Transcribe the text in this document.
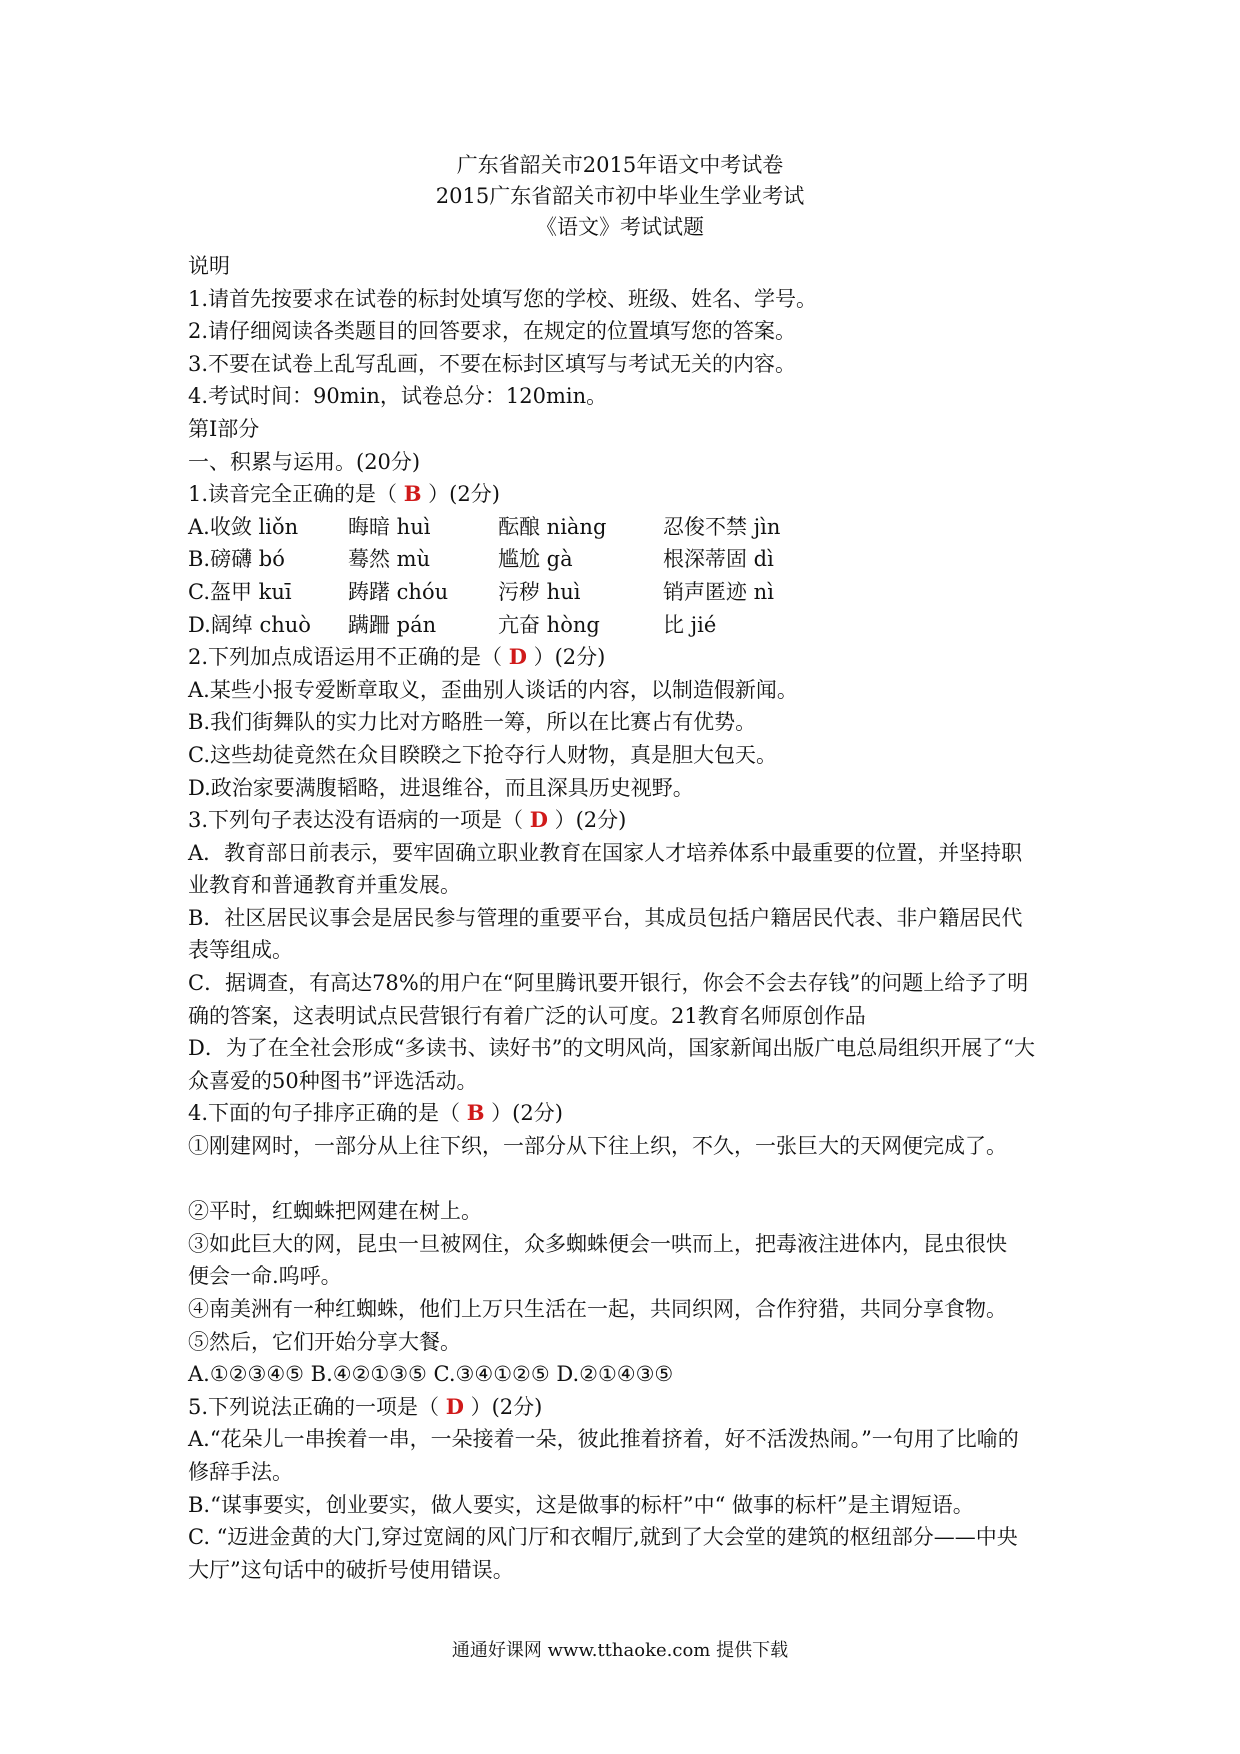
广东省韶关市2015年语文中考试卷
2015广东省韶关市初中毕业生学业考试
《语文》考试试题
说明
1.请首先按要求在试卷的标封处填写您的学校、班级、姓名、学号。
2.请仔细阅读各类题目的回答要求，在规定的位置填写您的答案。
3.不要在试卷上乱写乱画，不要在标封区填写与考试无关的内容。
4.考试时间：90min，试卷总分：120min。
第Ⅰ部分
一、积累与运用。(20分)
1.读音完全正确的是（ B ）(2分)
A.收敛 liǒn	晦暗 huì	酝酿 niàng	忍俊不禁 jìn
B.磅礴 bó	蓦然 mù	尴尬 gà	根深蒂固 dì
C.盔甲 kuī	踌躇 chóu	污秽 huì	销声匿迹 nì
D.阔绰 chuò	蹒跚 pán	亢奋 hòng	比 jié
2.下列加点成语运用不正确的是（ D ）(2分)
A.某些小报专爱断章取义，歪曲别人谈话的内容，以制造假新闻。
B.我们街舞队的实力比对方略胜一筹，所以在比赛占有优势。
C.这些劫徒竟然在众目睽睽之下抢夺行人财物，真是胆大包天。
D.政治家要满腹韬略，进退维谷，而且深具历史视野。
3.下列句子表达没有语病的一项是（ D ）(2分)
A．教育部日前表示，要牢固确立职业教育在国家人才培养体系中最重要的位置，并坚持职
业教育和普通教育并重发展。
B．社区居民议事会是居民参与管理的重要平台，其成员包括户籍居民代表、非户籍居民代
表等组成。
C．据调查，有高达78%的用户在“阿里腾讯要开银行，你会不会去存钱”的问题上给予了明
确的答案，这表明试点民营银行有着广泛的认可度。21教育名师原创作品
D．为了在全社会形成“多读书、读好书”的文明风尚，国家新闻出版广电总局组织开展了“大
众喜爱的50种图书”评选活动。
4.下面的句子排序正确的是（ B ）(2分)
①刚建网时，一部分从上往下织，一部分从下往上织，不久，一张巨大的天网便完成了。
②平时，红蜘蛛把网建在树上。
③如此巨大的网，昆虫一旦被网住，众多蜘蛛便会一哄而上，把毒液注进体内，昆虫很快
便会一命.呜呼。
④南美洲有一种红蜘蛛，他们上万只生活在一起，共同织网，合作狩猎，共同分享食物。
⑤然后，它们开始分享大餐。
A.①②③④⑤ B.④②①③⑤ C.③④①②⑤ D.②①④③⑤
5.下列说法正确的一项是（ D ）(2分)
A.“花朵儿一串挨着一串，一朵接着一朵，彼此推着挤着，好不活泼热闹。”一句用了比喻的
修辞手法。
B.“谋事要实，创业要实，做人要实，这是做事的标杆”中“ 做事的标杆”是主谓短语。
C. “迈进金黄的大门,穿过宽阔的风门厅和衣帽厅,就到了大会堂的建筑的枢纽部分——中央
大厅”这句话中的破折号使用错误。
通通好课网 www.tthaoke.com 提供下载
